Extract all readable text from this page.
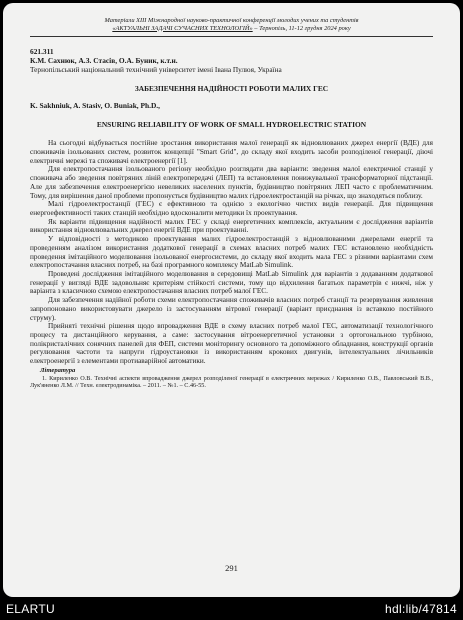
Матеріали XIII Міжнародної науково-практичної конференції молодих учених та студентів
«АКТУАЛЬНІ ЗАДАЧІ СУЧАСНИХ ТЕХНОЛОГІЙ» – Тернопіль, 11-12 грудня 2024 року
621.311
К.М. Сахнюк, А.З. Стасів, О.А. Буник, к.т.н.
Тернопільський національний технічний університет імені Івана Пулюя, Україна
ЗАБЕЗПЕЧЕННЯ НАДІЙНОСТІ РОБОТИ МАЛИХ ГЕС
K. Sakhniuk, A. Stasiv, O. Buniak, Ph.D.,
ENSURING RELIABILITY OF WORK OF SMALL HYDROELECTRIC STATION

На сьогодні відбувається постійне зростання використання малої генерації як відновлюваних джерел енергії (ВДЕ) для споживачів ізольованих систем, розвиток концепції "Smart Grid", до складу якої входить засоби розподіленої генерації, діючі електричні мережі та споживачі електроенергії [1].

Для електропостачання ізольованого регіону необхідно розглядати два варіанти: зведення малої електричної станції у споживача або зведення повітряних ліній електропередачі (ЛЕП) та встановлення понижувальної трансформаторної підстанції. Але для забезпечення електроенергією невеликих населених пунктів, будівництво повітряних ЛЕП часто є проблематичним. Тому, для вирішення даної проблеми пропонується будівництво малих гідроелектростанцій на річках, що знаходяться поблизу.

Малі гідроелектростанції (ГЕС) є ефективною та однією з екологічно чистих видів генерації. Для підвищення енергоефективності таких станцій необхідно вдосконалити методики їх проектування.

Як варіанти підвищення надійності малих ГЕС у складі енергетичних комплексів, актуальним є дослідження варіантів використання відновлювальних джерел енергії ВДЕ при проектуванні.

У відповідності з методикою проектування малих гідроелектростанцій з відновлюваними джерелами енергії та проведенням аналізом використання додаткової генерації в схемах власних потреб малих ГЕС встановлено необхідність проведення імітаційного моделювання ізольованої енергосистеми, до складу якої входить мала ГЕС з різними варіантами схем електропостачання власних потреб, на базі програмного комплексу MatLab Simulink.

Проведені дослідження імітаційного моделювання в середовищі MatLab Simulink для варіантів з додаванням додаткової генерації у вигляді ВДЕ задовольняє критеріям стійкості системи, тому що відхилення багатьох параметрів є нижчі, ніж у варіанта з класичною схемою електропостачання власних потреб малої ГЕС.

Для забезпечення надійної роботи схеми електропостачання споживачів власних потреб станції та резервування живлення запропоновано використовувати джерело із застосуванням вітрової генерації (варіант приєднання із вставкою постійного струму).

Прийняті технічні рішення щодо впровадження ВДЕ в схему власних потреб малої ГЕС, автоматизації технологічного процесу та дистанційного керування, а саме: застосування вітроенергетичної установки з ортогональною турбіною, полікристалічних сонячних панелей для ФЕП, системи моніторингу основного та допоміжного обладнання, конструкції органів регулювання частоти та напруги гідроустановки із використанням крокових двигунів, інтелектуальних лічильників електроенергії з елементами протиаварійної автоматики.

Література
1. Кириленко О.В. Технічні аспекти впровадження джерел розподіленої генерації в електричних мережах / Кириленко О.В., Павловський В.В., Лук'яненко Л.М. // Техн. електродинаміка. – 2011. – №1. – С.46-55.
291
ELARTU	hdl:lib/47814
